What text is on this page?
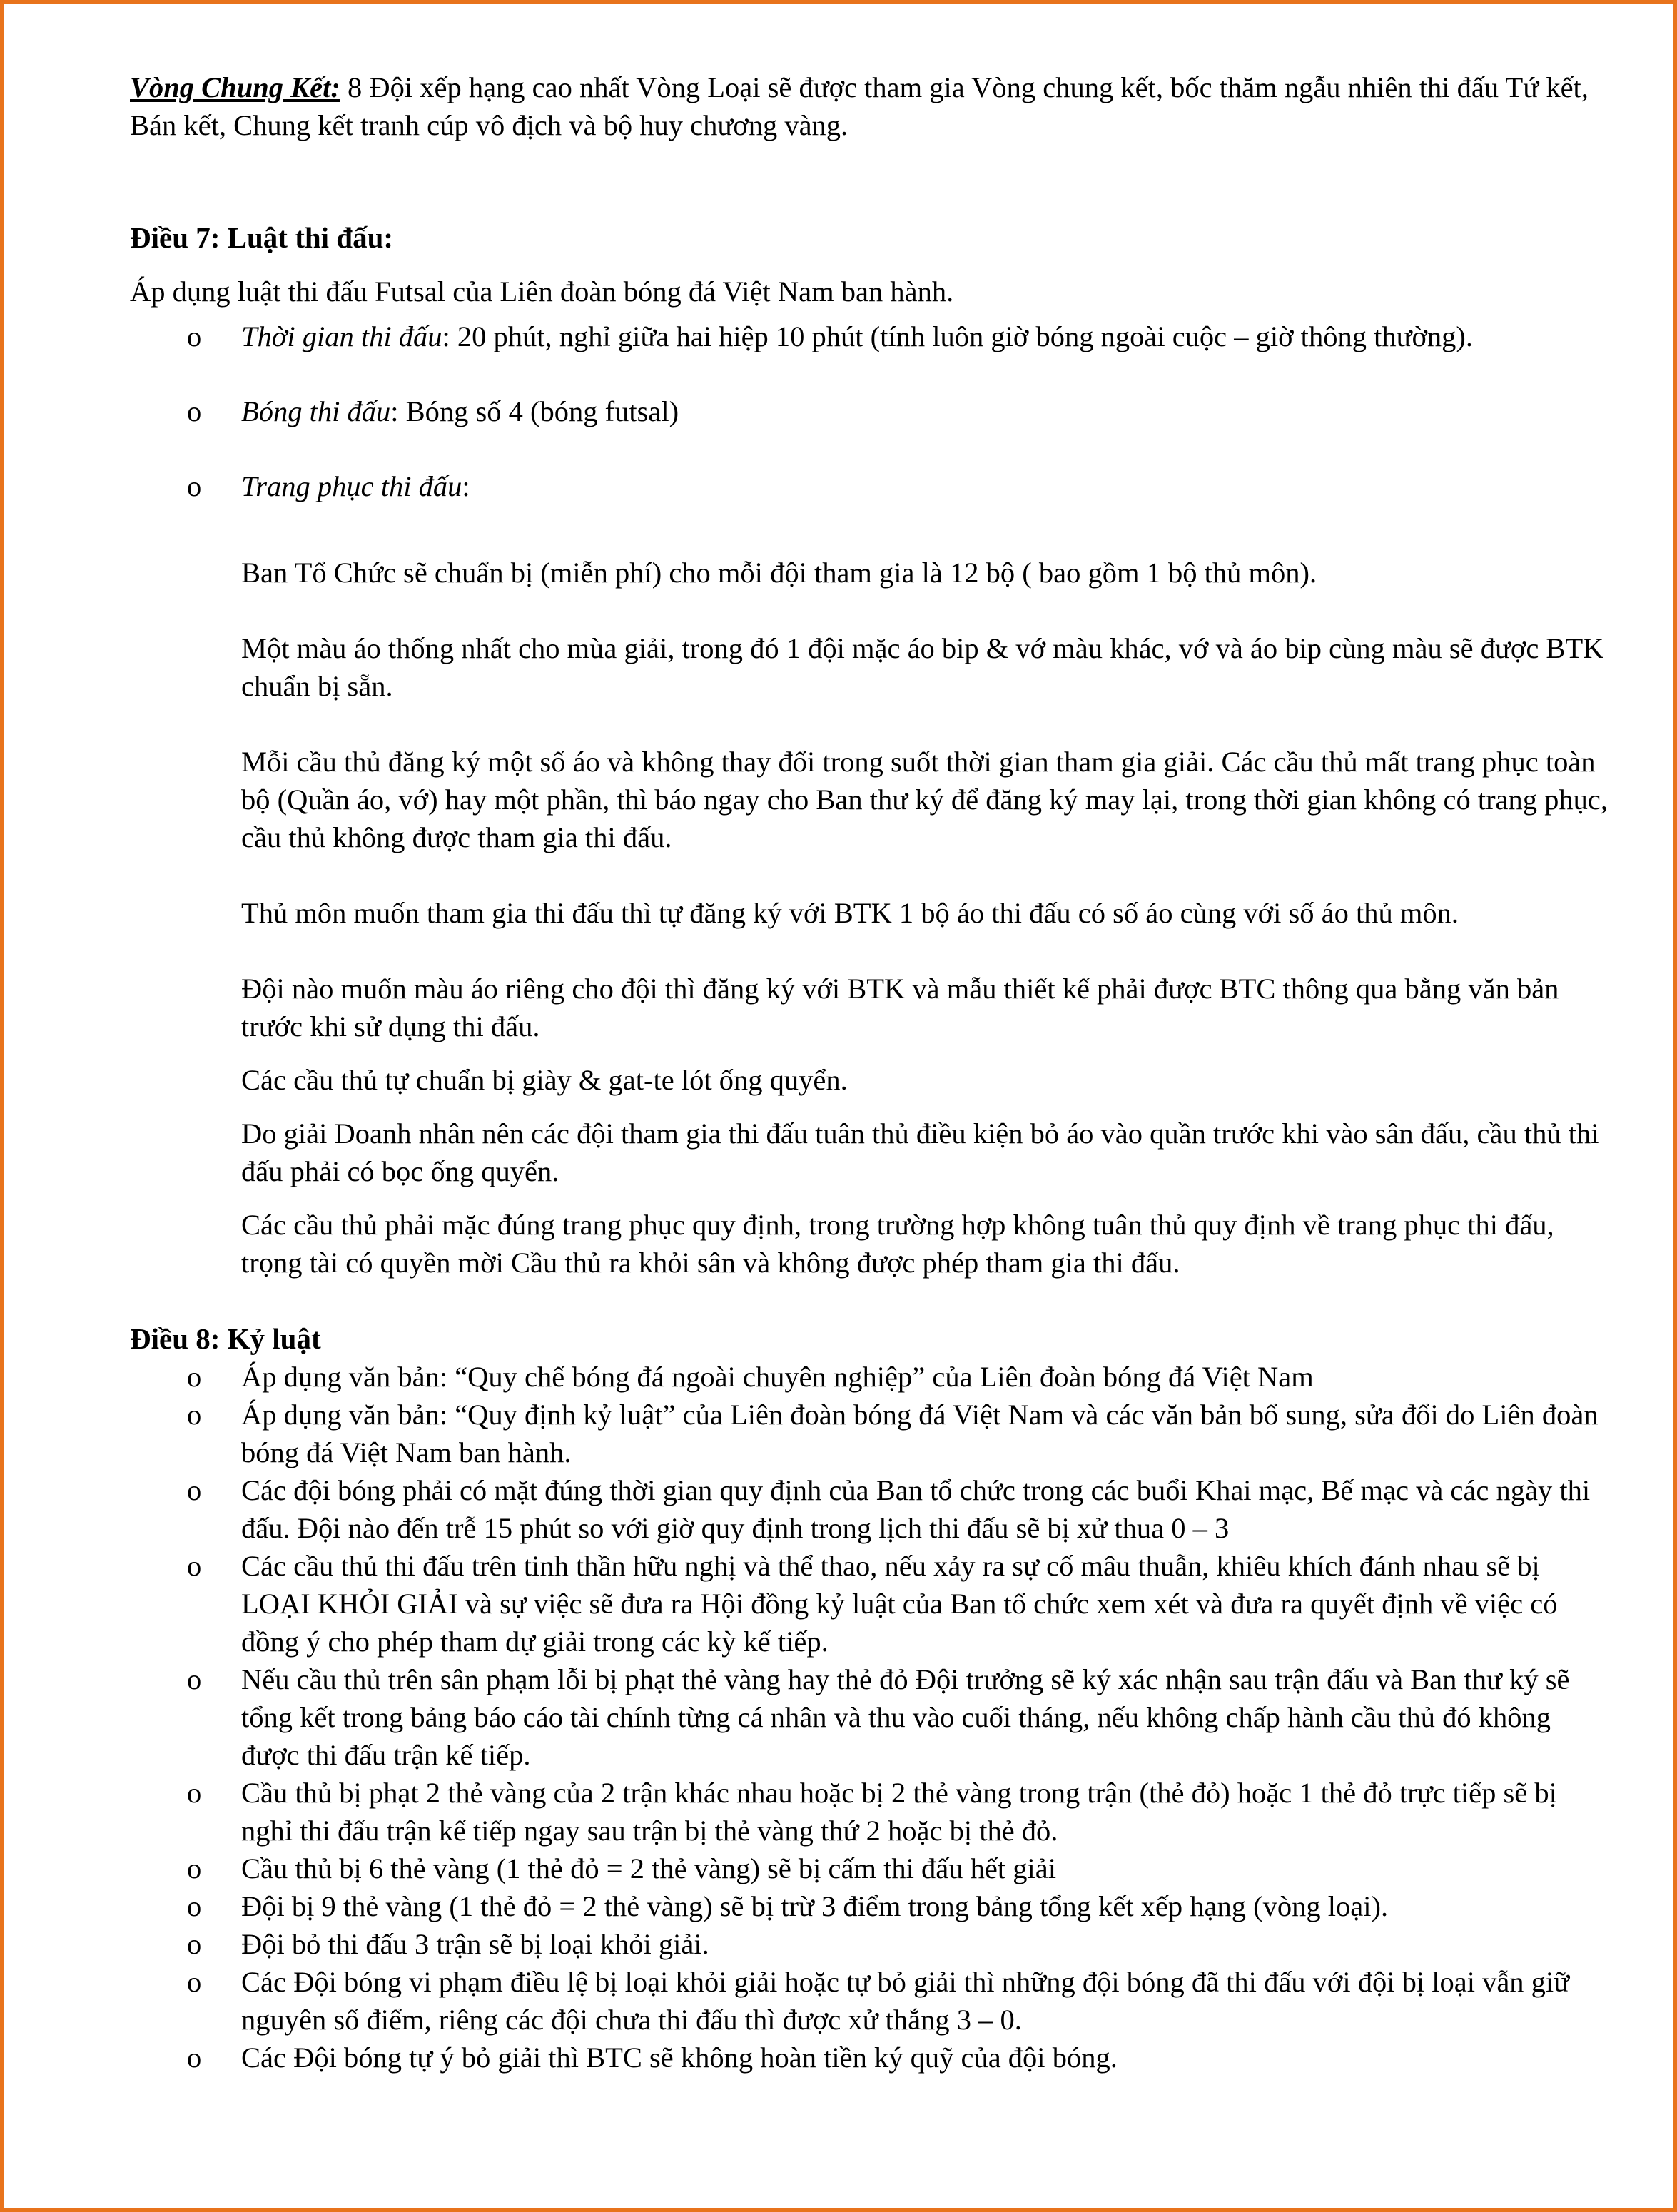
Vòng Chung Kết: 8 Đội xếp hạng cao nhất Vòng Loại sẽ được tham gia Vòng chung kết, bốc thăm ngẫu nhiên thi đấu Tứ kết, Bán kết, Chung kết tranh cúp vô địch và bộ huy chương vàng.

Điều 7: Luật thi đấu:

Áp dụng luật thi đấu Futsal của Liên đoàn bóng đá Việt Nam ban hành.

o Thời gian thi đấu: 20 phút, nghỉ giữa hai hiệp 10 phút (tính luôn giờ bóng ngoài cuộc – giờ thông thường).
o Bóng thi đấu: Bóng số 4 (bóng futsal)
o Trang phục thi đấu:

Ban Tổ Chức sẽ chuẩn bị (miễn phí) cho mỗi đội tham gia là 12 bộ ( bao gồm 1 bộ thủ môn).

Một màu áo thống nhất cho mùa giải, trong đó 1 đội mặc áo bip & vớ màu khác, vớ và áo bip cùng màu sẽ được BTK chuẩn bị sẵn.

Mỗi cầu thủ đăng ký một số áo và không thay đổi trong suốt thời gian tham gia giải. Các cầu thủ mất trang phục toàn bộ (Quần áo, vớ) hay một phần, thì báo ngay cho Ban thư ký để đăng ký may lại, trong thời gian không có trang phục, cầu thủ không được tham gia thi đấu.

Thủ môn muốn tham gia thi đấu thì tự đăng ký với BTK 1 bộ áo thi đấu có số áo cùng với số áo thủ môn.

Đội nào muốn màu áo riêng cho đội thì đăng ký với BTK và mẫu thiết kế phải được BTC thông qua bằng văn bản trước khi sử dụng thi đấu.

Các cầu thủ tự chuẩn bị giày & gat-te lót ống quyển.

Do giải Doanh nhân nên các đội tham gia thi đấu tuân thủ điều kiện bỏ áo vào quần trước khi vào sân đấu, cầu thủ thi đấu phải có bọc ống quyển.

Các cầu thủ phải mặc đúng trang phục quy định, trong trường hợp không tuân thủ quy định về trang phục thi đấu, trọng tài có quyền mời Cầu thủ ra khỏi sân và không được phép tham gia thi đấu.

Điều 8: Kỷ luật

o Áp dụng văn bản: “Quy chế bóng đá ngoài chuyên nghiệp” của Liên đoàn bóng đá Việt Nam
o Áp dụng văn bản: “Quy định kỷ luật” của Liên đoàn bóng đá Việt Nam và các văn bản bổ sung, sửa đổi do Liên đoàn bóng đá Việt Nam ban hành.
o Các đội bóng phải có mặt đúng thời gian quy định của Ban tổ chức trong các buổi Khai mạc, Bế mạc và các ngày thi đấu. Đội nào đến trễ 15 phút so với giờ quy định trong lịch thi đấu sẽ bị xử thua 0 – 3
o Các cầu thủ thi đấu trên tinh thần hữu nghị và thể thao, nếu xảy ra sự cố mâu thuẫn, khiêu khích đánh nhau sẽ bị LOẠI KHỎI GIẢI và sự việc sẽ đưa ra Hội đồng kỷ luật của Ban tổ chức xem xét và đưa ra quyết định về việc có đồng ý cho phép tham dự giải trong các kỳ kế tiếp.
o Nếu cầu thủ trên sân phạm lỗi bị phạt thẻ vàng hay thẻ đỏ Đội trưởng sẽ ký xác nhận sau trận đấu và Ban thư ký sẽ tổng kết trong bảng báo cáo tài chính từng cá nhân và thu vào cuối tháng, nếu không chấp hành cầu thủ đó không được thi đấu trận kế tiếp.
o Cầu thủ bị phạt 2 thẻ vàng của 2 trận khác nhau hoặc bị 2 thẻ vàng trong trận (thẻ đỏ) hoặc 1 thẻ đỏ trực tiếp sẽ bị nghỉ thi đấu trận kế tiếp ngay sau trận bị thẻ vàng thứ 2 hoặc bị thẻ đỏ.
o Cầu thủ bị 6 thẻ vàng (1 thẻ đỏ = 2 thẻ vàng) sẽ bị cấm thi đấu hết giải
o Đội bị 9 thẻ vàng (1 thẻ đỏ = 2 thẻ vàng) sẽ bị trừ 3 điểm trong bảng tổng kết xếp hạng (vòng loại).
o Đội bỏ thi đấu 3 trận sẽ bị loại khỏi giải.
o Các Đội bóng vi phạm điều lệ bị loại khỏi giải hoặc tự bỏ giải thì những đội bóng đã thi đấu với đội bị loại vẫn giữ nguyên số điểm, riêng các đội chưa thi đấu thì được xử thắng 3 – 0.
o Các Đội bóng tự ý bỏ giải thì BTC sẽ không hoàn tiền ký quỹ của đội bóng.
